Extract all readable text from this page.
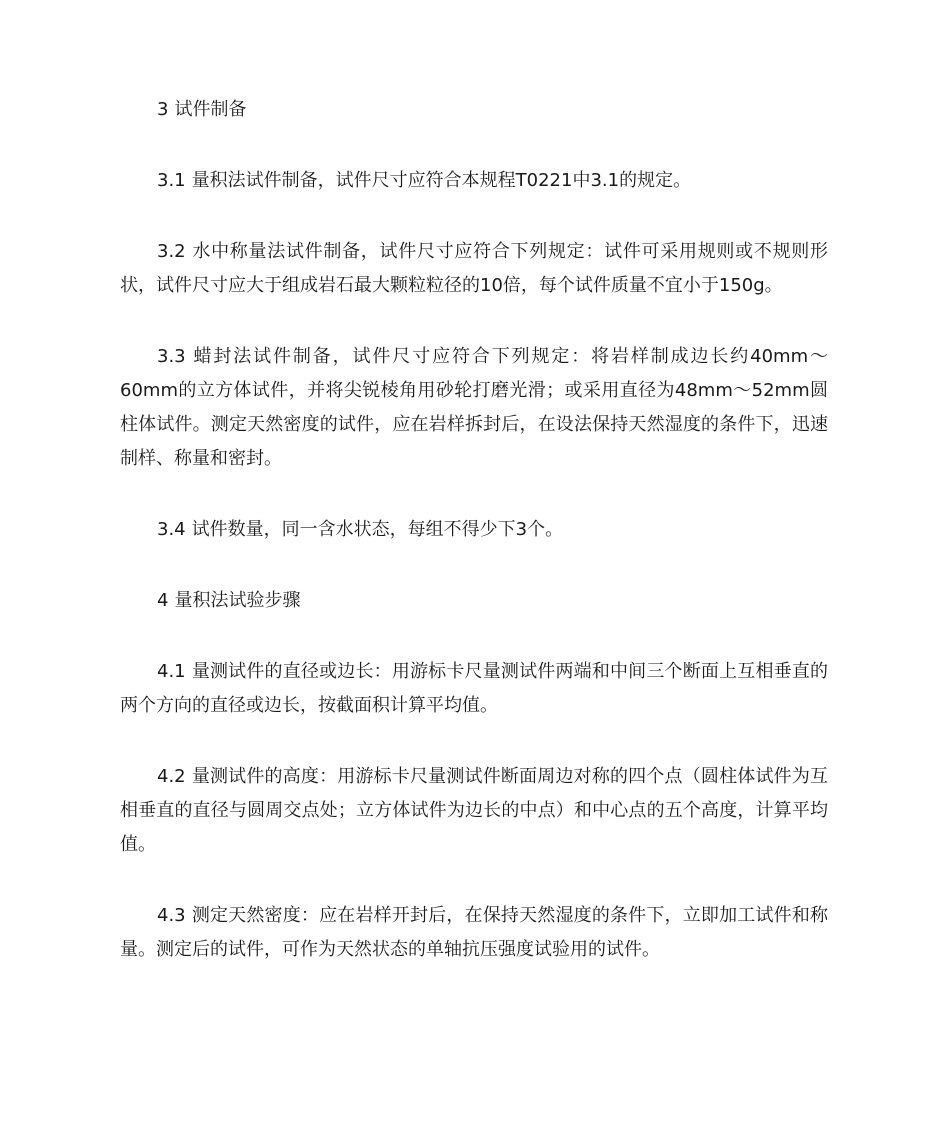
3 试件制备

3.1 量积法试件制备，试件尺寸应符合本规程T0221中3.1的规定。

3.2 水中称量法试件制备，试件尺寸应符合下列规定：试件可采用规则或不规则形状，试件尺寸应大于组成岩石最大颗粒粒径的10倍，每个试件质量不宜小于150g。

3.3 蜡封法试件制备，试件尺寸应符合下列规定：将岩样制成边长约40mm～60mm的立方体试件，并将尖锐棱角用砂轮打磨光滑；或采用直径为48mm～52mm圆柱体试件。测定天然密度的试件，应在岩样拆封后，在设法保持天然湿度的条件下，迅速制样、称量和密封。

3.4 试件数量，同一含水状态，每组不得少下3个。

4 量积法试验步骤

4.1 量测试件的直径或边长：用游标卡尺量测试件两端和中间三个断面上互相垂直的两个方向的直径或边长，按截面积计算平均值。

4.2 量测试件的高度：用游标卡尺量测试件断面周边对称的四个点（圆柱体试件为互相垂直的直径与圆周交点处；立方体试件为边长的中点）和中心点的五个高度，计算平均值。

4.3 测定天然密度：应在岩样开封后，在保持天然湿度的条件下，立即加工试件和称量。测定后的试件，可作为天然状态的单轴抗压强度试验用的试件。
